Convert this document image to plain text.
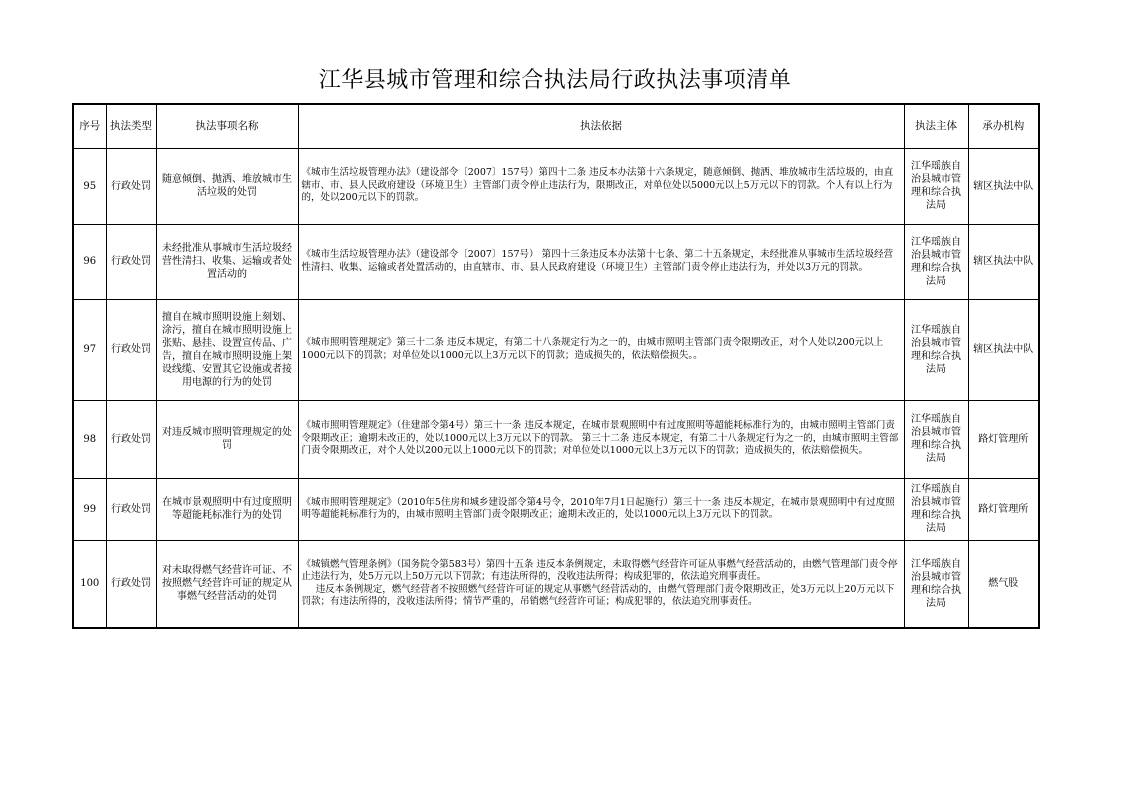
江华县城市管理和综合执法局行政执法事项清单
序号	执法类型	执法事项名称	执法依据	执法主体	承办机构
95	行政处罚	随意倾倒、抛洒、堆放城市生活垃圾的处罚	《城市生活垃圾管理办法》（建设部令〔2007〕157号）第四十二条 违反本办法第十六条规定，随意倾倒、抛洒、堆放城市生活垃圾的，由直辖市、市、县人民政府建设（环境卫生）主管部门责令停止违法行为，限期改正，对单位处以5000元以上5万元以下的罚款。个人有以上行为的，处以200元以下的罚款。	江华瑶族自治县城市管理和综合执法局	辖区执法中队
96	行政处罚	未经批准从事城市生活垃圾经营性清扫、收集、运输或者处置活动的	《城市生活垃圾管理办法》（建设部令〔2007〕157号） 第四十三条违反本办法第十七条、第二十五条规定，未经批准从事城市生活垃圾经营性清扫、收集、运输或者处置活动的，由直辖市、市、县人民政府建设（环境卫生）主管部门责令停止违法行为，并处以3万元的罚款。	江华瑶族自治县城市管理和综合执法局	辖区执法中队
97	行政处罚	擅自在城市照明设施上刻划、涂污，擅自在城市照明设施上张贴、悬挂、设置宣传品、广告，擅自在城市照明设施上架设线缆、安置其它设施或者接用电源的行为的处罚	《城市照明管理规定》第三十二条 违反本规定，有第二十八条规定行为之一的，由城市照明主管部门责令限期改正，对个人处以200元以上1000元以下的罚款；对单位处以1000元以上3万元以下的罚款；造成损失的，依法赔偿损失。。	江华瑶族自治县城市管理和综合执法局	辖区执法中队
98	行政处罚	对违反城市照明管理规定的处罚	《城市照明管理规定》（住建部令第4号）第三十一条 违反本规定，在城市景观照明中有过度照明等超能耗标准行为的，由城市照明主管部门责令限期改正；逾期未改正的，处以1000元以上3万元以下的罚款。 第三十二条 违反本规定，有第二十八条规定行为之一的，由城市照明主管部门责令限期改正，对个人处以200元以上1000元以下的罚款；对单位处以1000元以上3万元以下的罚款；造成损失的，依法赔偿损失。	江华瑶族自治县城市管理和综合执法局	路灯管理所
99	行政处罚	在城市景观照明中有过度照明等超能耗标准行为的处罚	《城市照明管理规定》（2010年5住房和城乡建设部令第4号令，2010年7月1日起施行）第三十一条 违反本规定，在城市景观照明中有过度照明等超能耗标准行为的，由城市照明主管部门责令限期改正；逾期未改正的，处以1000元以上3万元以下的罚款。	江华瑶族自治县城市管理和综合执法局	路灯管理所
100	行政处罚	对未取得燃气经营许可证、不按照燃气经营许可证的规定从事燃气经营活动的处罚	《城镇燃气管理条例》（国务院令第583号）第四十五条 违反本条例规定，未取得燃气经营许可证从事燃气经营活动的，由燃气管理部门责令停止违法行为，处5万元以上50万元以下罚款；有违法所得的，没收违法所得；构成犯罪的，依法追究刑事责任。
违反本条例规定，燃气经营者不按照燃气经营许可证的规定从事燃气经营活动的，由燃气管理部门责令限期改正，处3万元以上20万元以下罚款；有违法所得的，没收违法所得；情节严重的，吊销燃气经营许可证；构成犯罪的，依法追究刑事责任。	江华瑶族自治县城市管理和综合执法局	燃气股
